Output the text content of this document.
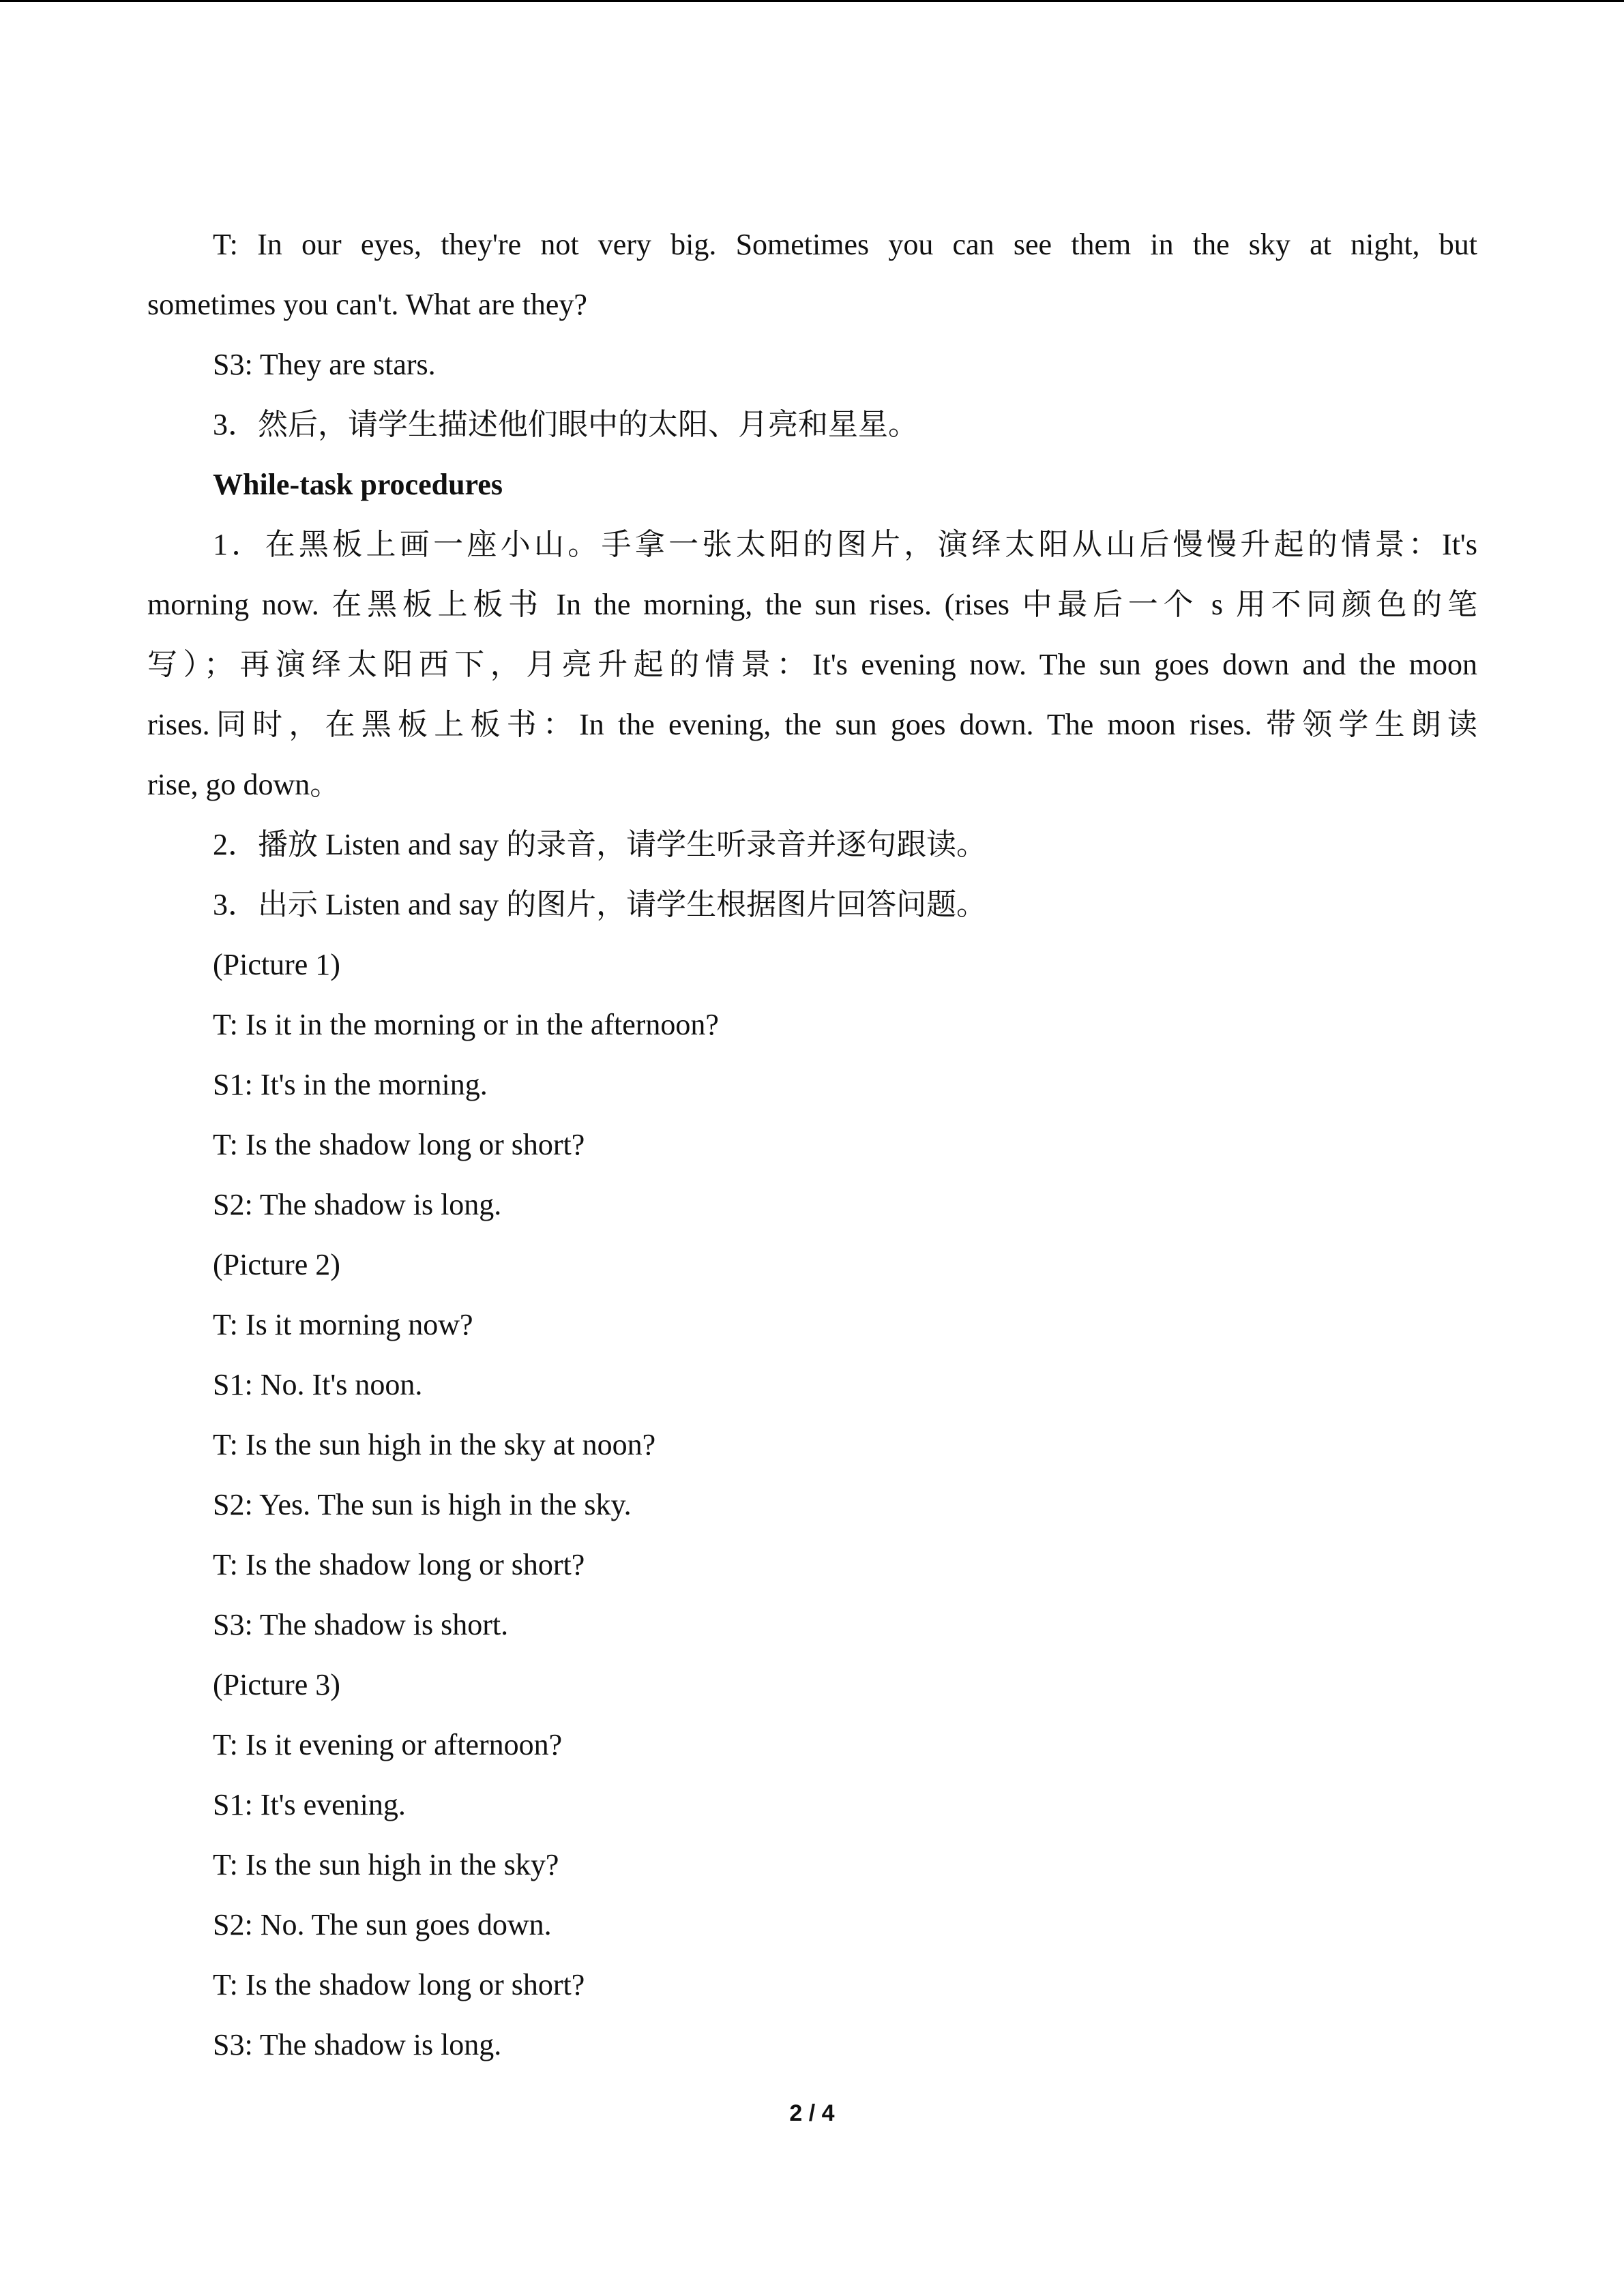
T: In our eyes, they're not very big. Sometimes you can see them in the sky at night, but

sometimes you can't. What are they?

S3: They are stars.

3．然后，请学生描述他们眼中的太阳、月亮和星星。

While-task procedures

1．在黑板上画一座小山。手拿一张太阳的图片，演绎太阳从山后慢慢升起的情景：It's

morning now. 在黑板上板书 In the morning, the sun rises. (rises 中最后一个 s 用不同颜色的笔

写）；再演绎太阳西下，月亮升起的情景：It's evening now. The sun goes down and the moon

rises.同时，在黑板上板书：In the evening, the sun goes down. The moon rises. 带领学生朗读

rise, go down。

2．播放 Listen and say 的录音，请学生听录音并逐句跟读。

3．出示 Listen and say 的图片，请学生根据图片回答问题。

(Picture 1)

T: Is it in the morning or in the afternoon?

S1: It's in the morning.

T: Is the shadow long or short?

S2: The shadow is long.

(Picture 2)

T: Is it morning now?

S1: No. It's noon.

T: Is the sun high in the sky at noon?

S2: Yes. The sun is high in the sky.

T: Is the shadow long or short?

S3: The shadow is short.

(Picture 3)

T: Is it evening or afternoon?

S1: It's evening.

T: Is the sun high in the sky?

S2: No. The sun goes down.

T: Is the shadow long or short?

S3: The shadow is long.

2 / 4
